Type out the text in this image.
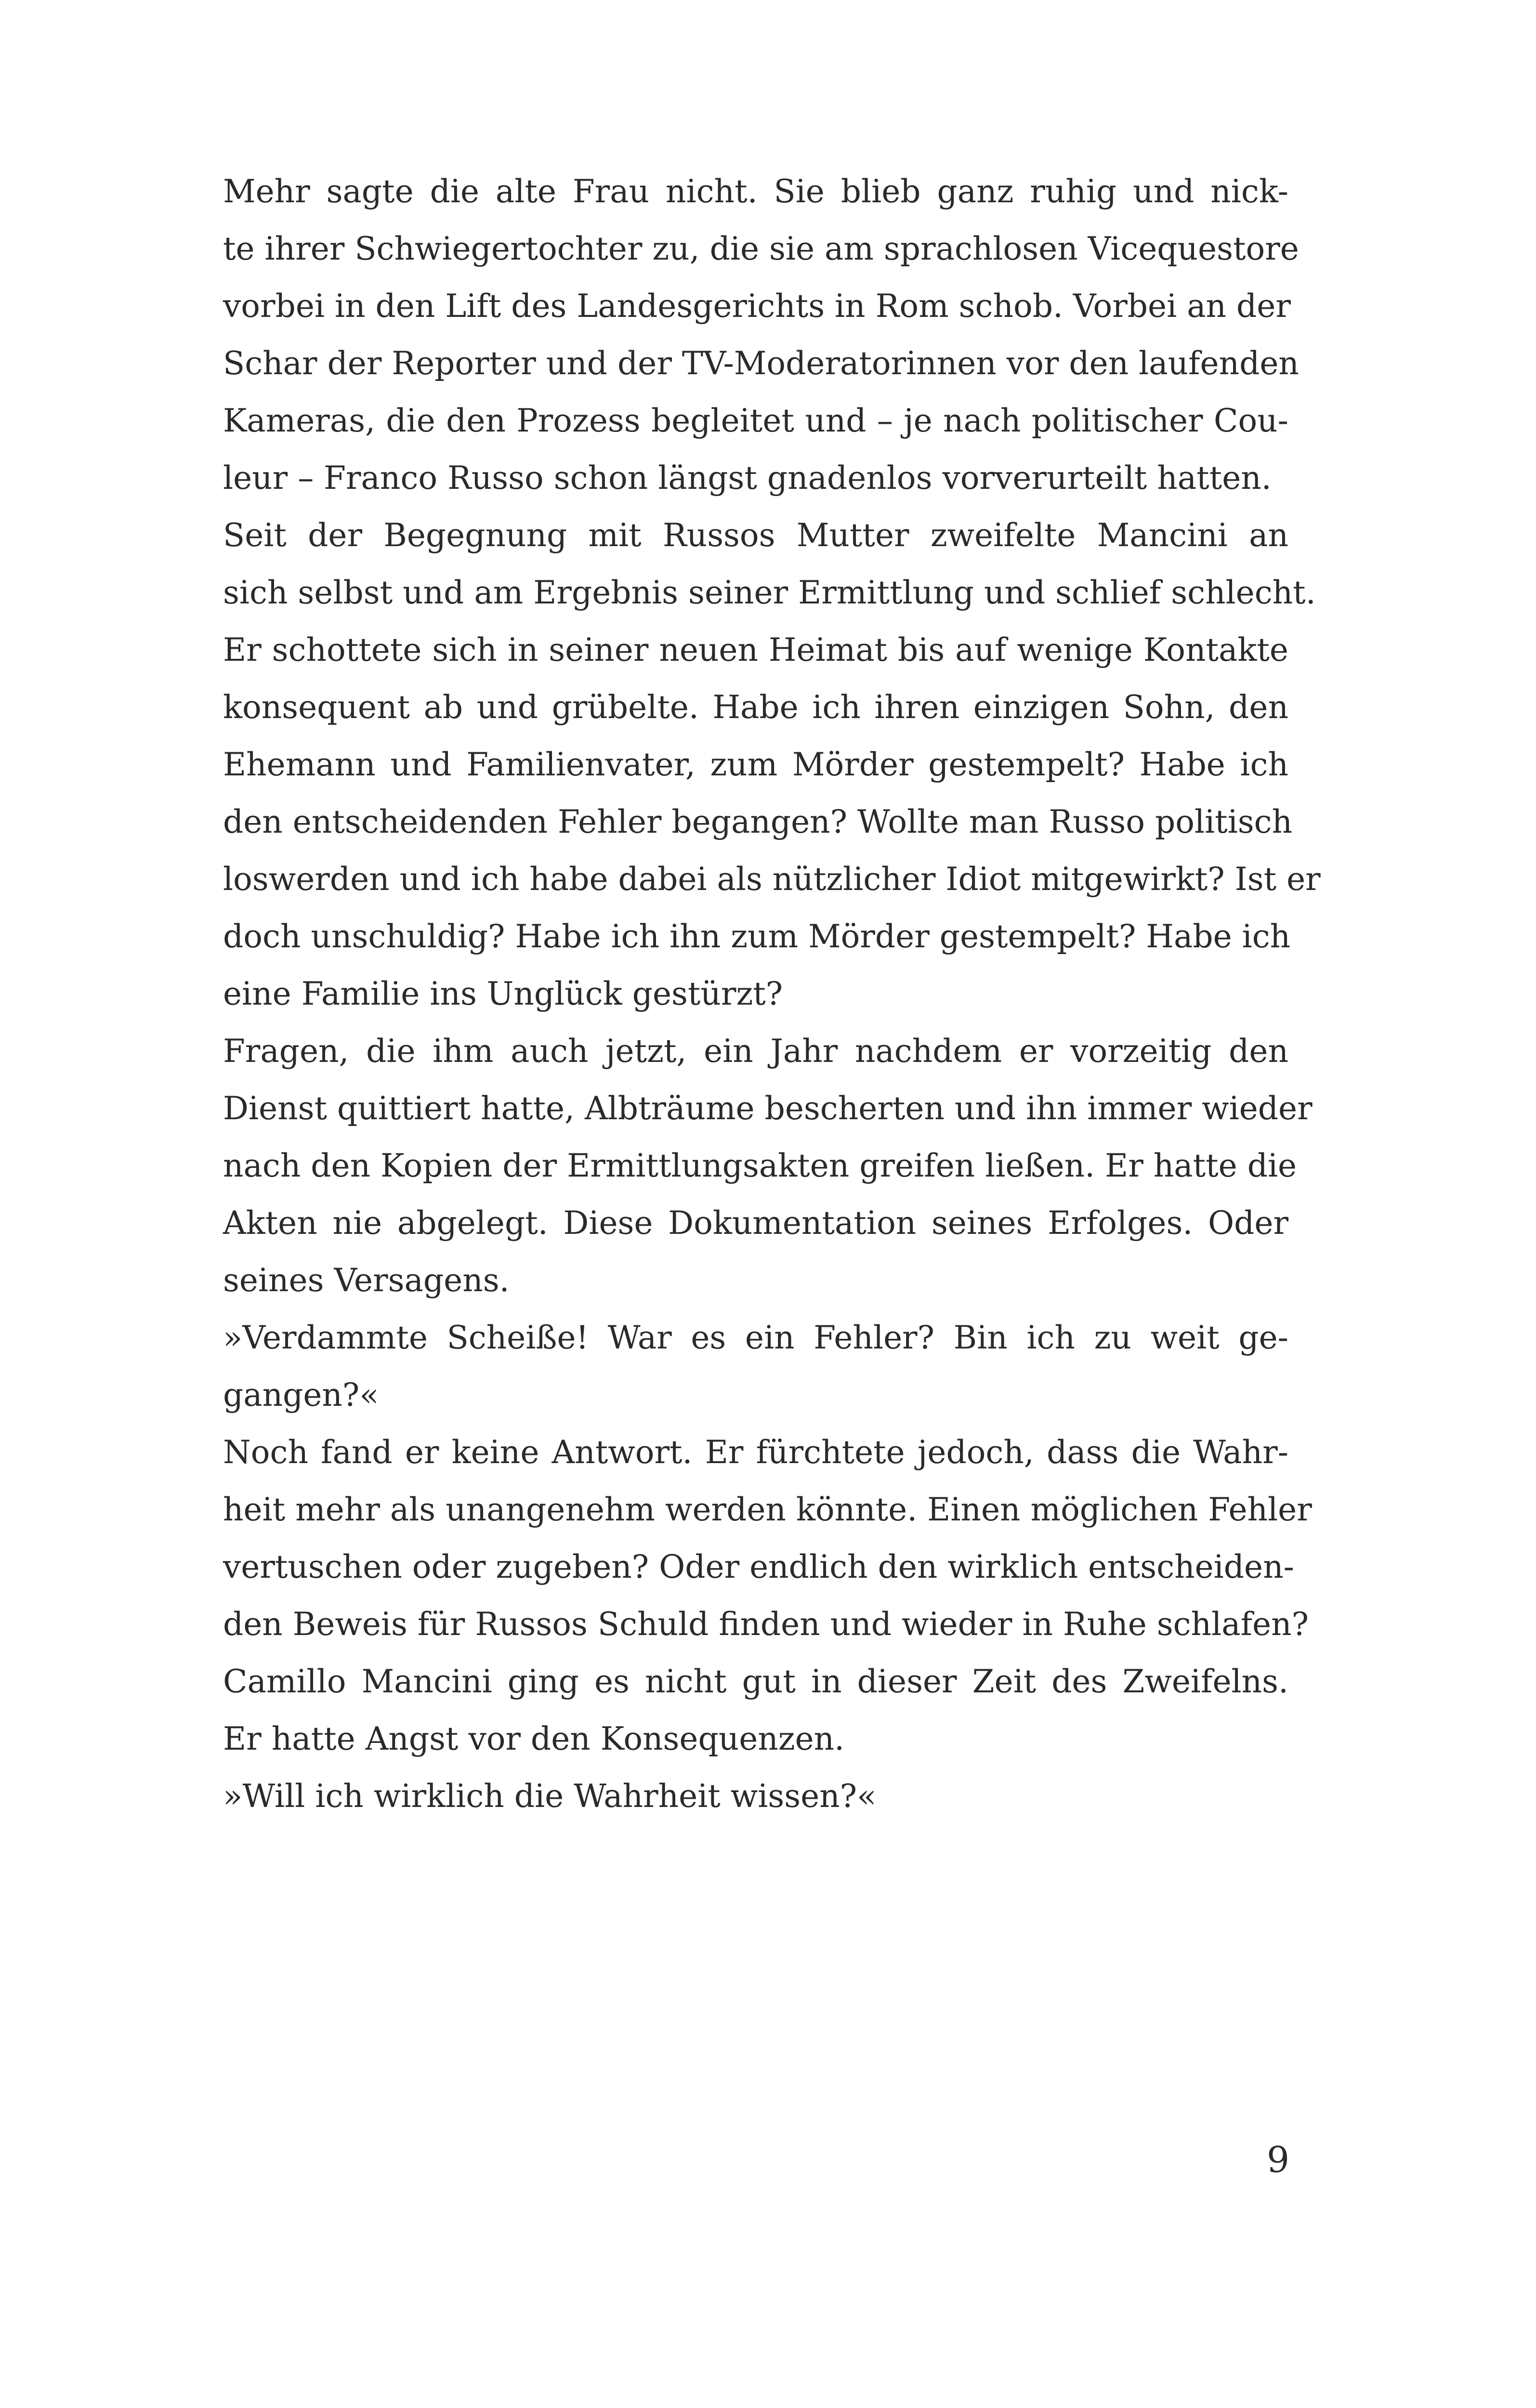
Mehr sagte die alte Frau nicht. Sie blieb ganz ruhig und nick-
te ihrer Schwiegertochter zu, die sie am sprachlosen Vicequestore
vorbei in den Lift des Landesgerichts in Rom schob. Vorbei an der
Schar der Reporter und der TV-Moderatorinnen vor den laufenden
Kameras, die den Prozess begleitet und – je nach politischer Cou-
leur – Franco Russo schon längst gnadenlos vorverurteilt hatten.

Seit der Begegnung mit Russos Mutter zweifelte Mancini an
sich selbst und am Ergebnis seiner Ermittlung und schlief schlecht.
Er schottete sich in seiner neuen Heimat bis auf wenige Kontakte
konsequent ab und grübelte. Habe ich ihren einzigen Sohn, den
Ehemann und Familienvater, zum Mörder gestempelt? Habe ich
den entscheidenden Fehler begangen? Wollte man Russo politisch
loswerden und ich habe dabei als nützlicher Idiot mitgewirkt? Ist er
doch unschuldig? Habe ich ihn zum Mörder gestempelt? Habe ich
eine Familie ins Unglück gestürzt?

Fragen, die ihm auch jetzt, ein Jahr nachdem er vorzeitig den
Dienst quittiert hatte, Albträume bescherten und ihn immer wieder
nach den Kopien der Ermittlungsakten greifen ließen. Er hatte die
Akten nie abgelegt. Diese Dokumentation seines Erfolges. Oder
seines Versagens.

»Verdammte Scheiße! War es ein Fehler? Bin ich zu weit ge-
gangen?«

Noch fand er keine Antwort. Er fürchtete jedoch, dass die Wahr-
heit mehr als unangenehm werden könnte. Einen möglichen Fehler
vertuschen oder zugeben? Oder endlich den wirklich entscheiden-
den Beweis für Russos Schuld finden und wieder in Ruhe schlafen?

Camillo Mancini ging es nicht gut in dieser Zeit des Zweifelns.
Er hatte Angst vor den Konsequenzen.

»Will ich wirklich die Wahrheit wissen?«

9
